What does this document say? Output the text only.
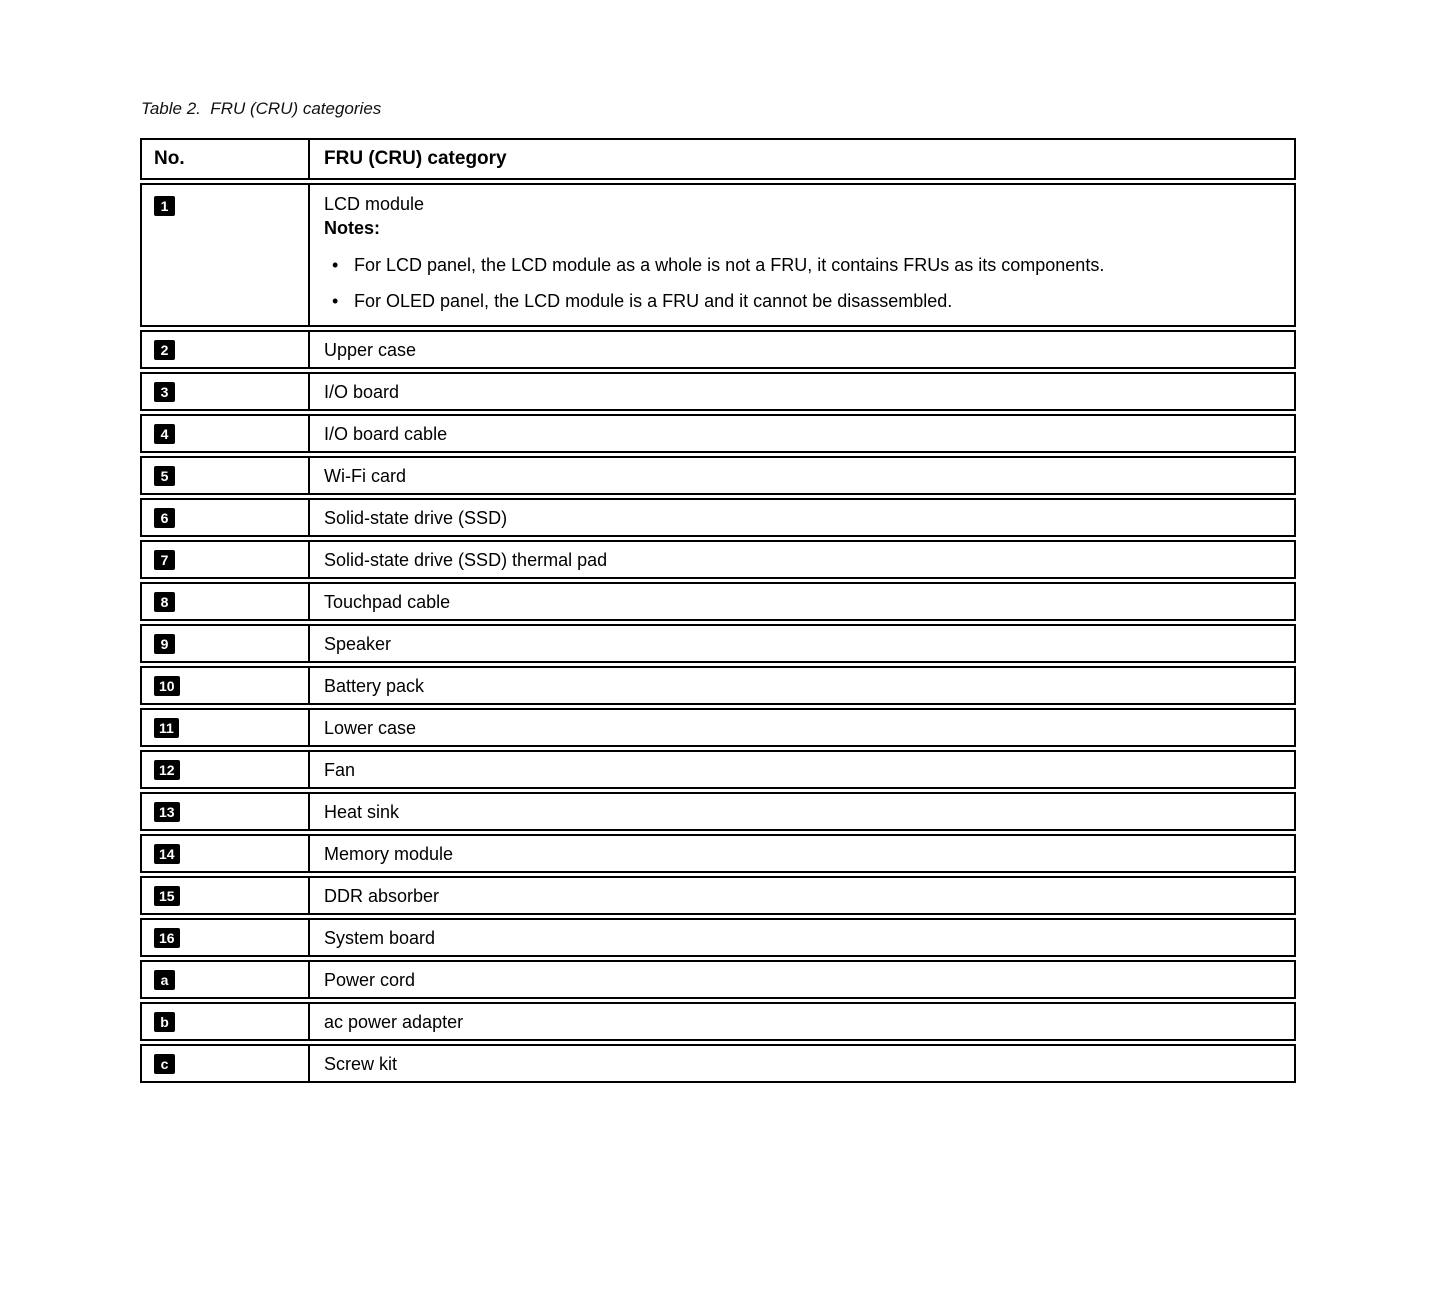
Table 2.  FRU (CRU) categories
No.	FRU (CRU) category
1	LCD module
Notes:
• For LCD panel, the LCD module as a whole is not a FRU, it contains FRUs as its components.
• For OLED panel, the LCD module is a FRU and it cannot be disassembled.
2	Upper case
3	I/O board
4	I/O board cable
5	Wi-Fi card
6	Solid-state drive (SSD)
7	Solid-state drive (SSD) thermal pad
8	Touchpad cable
9	Speaker
10	Battery pack
11	Lower case
12	Fan
13	Heat sink
14	Memory module
15	DDR absorber
16	System board
a	Power cord
b	ac power adapter
c	Screw kit
